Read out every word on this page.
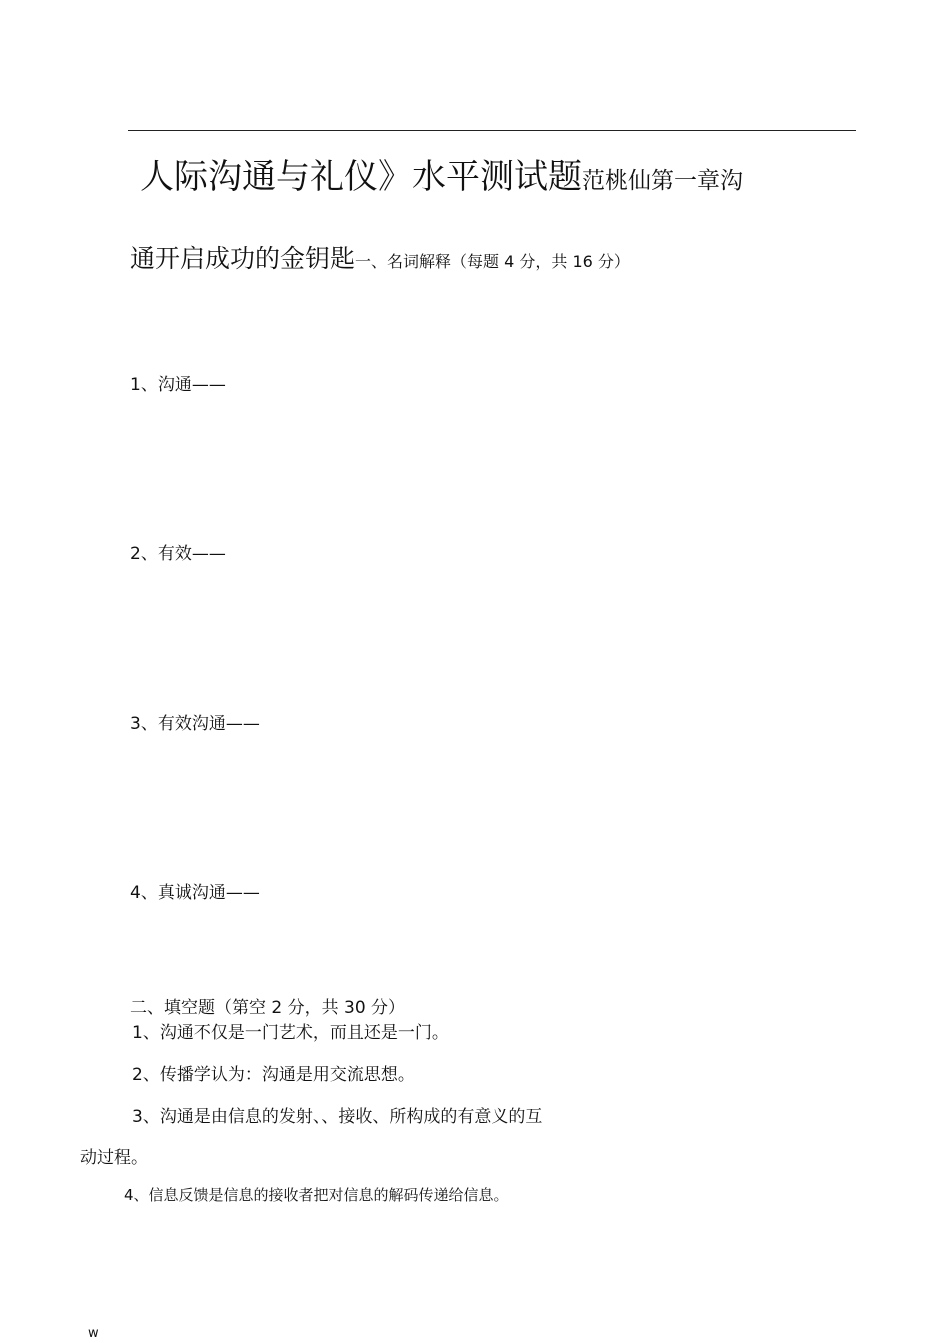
人际沟通与礼仪》水平测试题范桃仙第一章沟
通开启成功的金钥匙一、名词解释（每题 4 分，共 16 分）
1、沟通——
2、有效——
3、有效沟通——
4、真诚沟通——
二、填空题（第空 2 分，共 30 分）
1、沟通不仅是一门艺术，而且还是一门。
2、传播学认为：沟通是用交流思想。
3、沟通是由信息的发射、、接收、所构成的有意义的互
动过程。
4、信息反馈是信息的接收者把对信息的解码传递给信息。
w
